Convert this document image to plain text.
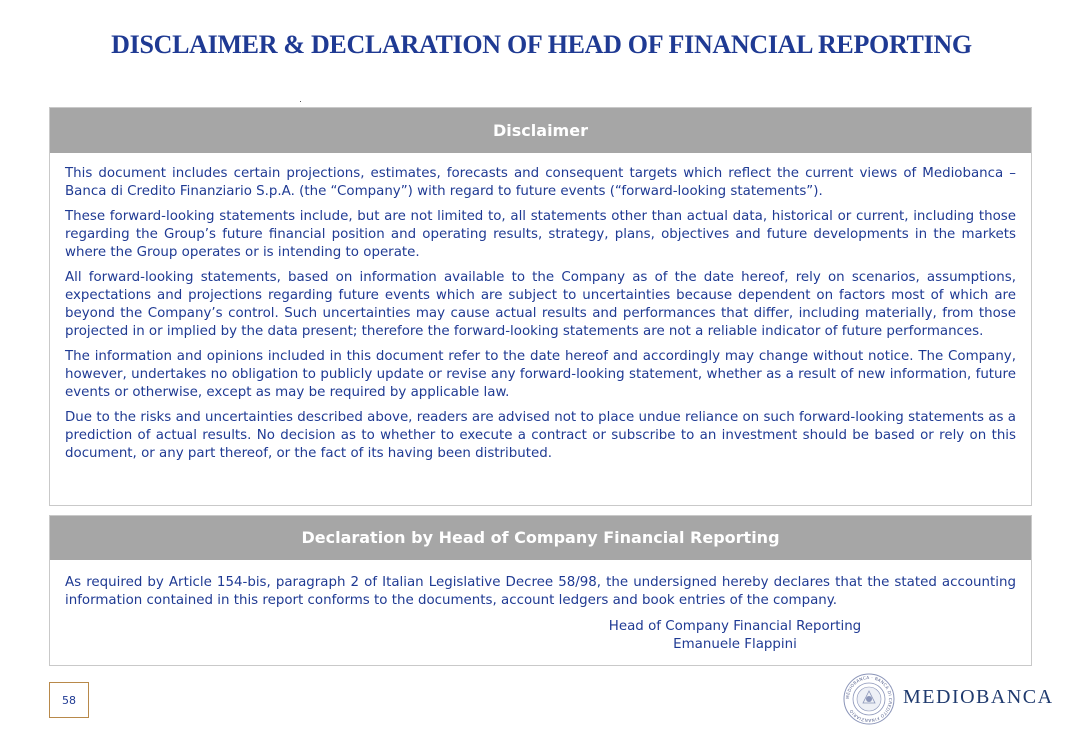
DISCLAIMER & DECLARATION OF HEAD OF FINANCIAL REPORTING
Disclaimer

This document includes certain projections, estimates, forecasts and consequent targets which reflect the current views of Mediobanca – Banca di Credito Finanziario S.p.A. (the “Company”) with regard to future events (“forward-looking statements”).

These forward-looking statements include, but are not limited to, all statements other than actual data, historical or current, including those regarding the Group’s future financial position and operating results, strategy, plans, objectives and future developments in the markets where the Group operates or is intending to operate.

All forward-looking statements, based on information available to the Company as of the date hereof, rely on scenarios, assumptions, expectations and projections regarding future events which are subject to uncertainties because dependent on factors most of which are beyond the Company’s control. Such uncertainties may cause actual results and performances that differ, including materially, from those projected in or implied by the data present; therefore the forward-looking statements are not a reliable indicator of future performances.

The information and opinions included in this document refer to the date hereof and accordingly may change without notice. The Company, however, undertakes no obligation to publicly update or revise any forward-looking statement, whether as a result of new information, future events or otherwise, except as may be required by applicable law.

Due to the risks and uncertainties described above, readers are advised not to place undue reliance on such forward-looking statements as a prediction of actual results. No decision as to whether to execute a contract or subscribe to an investment should be based or rely on this document, or any part thereof, or the fact of its having been distributed.

Declaration by Head of Company Financial Reporting

As required by Article 154-bis, paragraph 2 of Italian Legislative Decree 58/98, the undersigned hereby declares that the stated accounting information contained in this report conforms to the documents, account ledgers and book entries of the company.

Head of Company Financial Reporting
Emanuele Flappini
58	MEDIOBANCA · BANCA DI CREDITO FINANZIARIO
MEDIOBANCA
